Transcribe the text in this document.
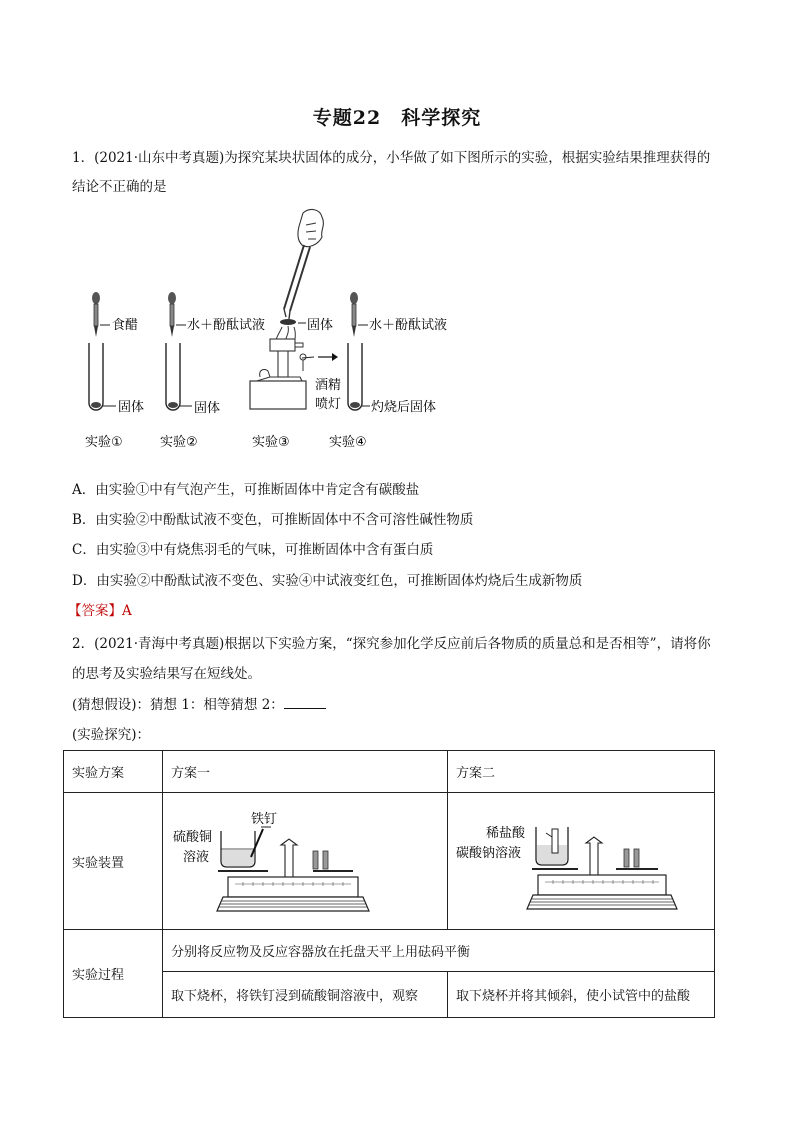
专题22　科学探究
1．(2021·山东中考真题)为探究某块状固体的成分，小华做了如下图所示的实验，根据实验结果推理获得的
结论不正确的是
食醋
固体
水＋酚酞试液
固体
固体
酒精
喷灯
水＋酚酞试液
灼烧后固体
实验①	实验②	实验③	实验④
A．由实验①中有气泡产生，可推断固体中肯定含有碳酸盐
B．由实验②中酚酞试液不变色，可推断固体中不含可溶性碱性物质
C．由实验③中有烧焦羽毛的气味，可推断固体中含有蛋白质
D．由实验②中酚酞试液不变色、实验④中试液变红色，可推断固体灼烧后生成新物质
【答案】A
2．(2021·青海中考真题)根据以下实验方案，“探究参加化学反应前后各物质的质量总和是否相等”，请将你
的思考及实验结果写在短线处。
(猜想假设)：猜想 1：相等猜想 2：
(实验探究)：
实验方案	方案一	方案二
实验装置	硫酸铜
溶液
铁钉	稀盐酸
碳酸钠溶液

实验过程	分别将反应物及反应容器放在托盘天平上用砝码平衡	
	取下烧杯，将铁钉浸到硫酸铜溶液中，观察	取下烧杯并将其倾斜，使小试管中的盐酸
